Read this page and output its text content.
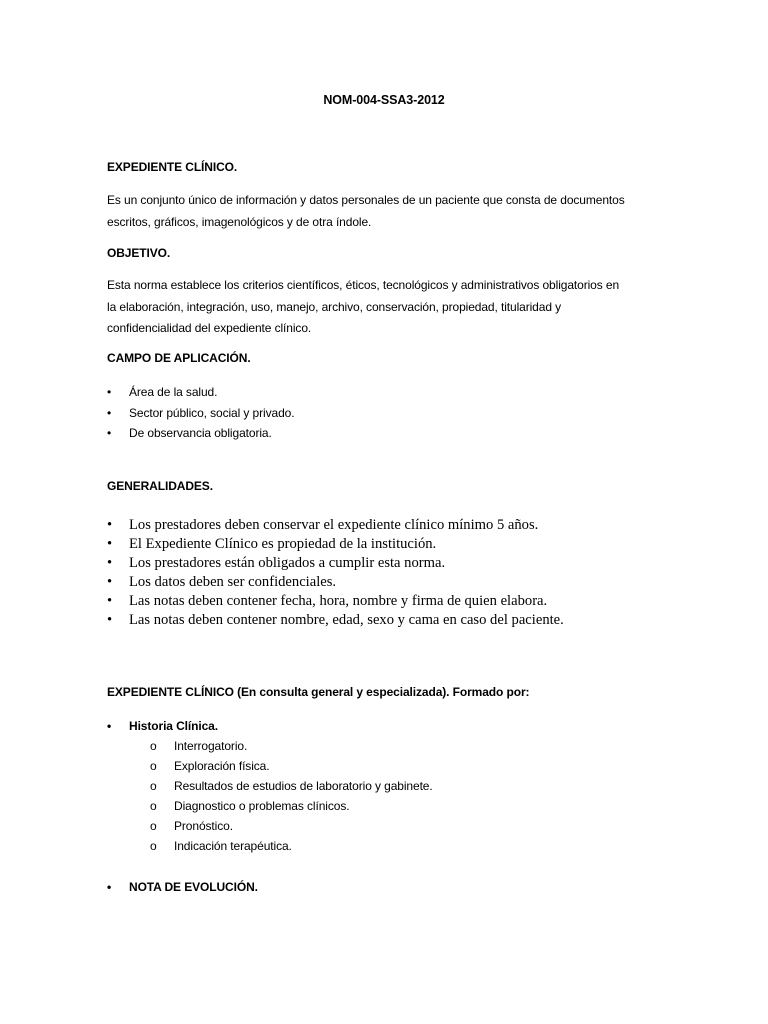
NOM-004-SSA3-2012
EXPEDIENTE CLÍNICO.
Es un conjunto único de información y datos personales de un paciente que consta de documentos
escritos, gráficos, imagenológicos y de otra índole.
OBJETIVO.
Esta norma establece los criterios científicos, éticos, tecnológicos y administrativos obligatorios en
la elaboración, integración, uso, manejo, archivo, conservación, propiedad, titularidad y
confidencialidad del expediente clínico.
CAMPO DE APLICACIÓN.
• Área de la salud.
• Sector público, social y privado.
• De observancia obligatoria.
GENERALIDADES.
• Los prestadores deben conservar el expediente clínico mínimo 5 años.
• El Expediente Clínico es propiedad de la institución.
• Los prestadores están obligados a cumplir esta norma.
• Los datos deben ser confidenciales.
• Las notas deben contener fecha, hora, nombre y firma de quien elabora.
• Las notas deben contener nombre, edad, sexo y cama en caso del paciente.
EXPEDIENTE CLÍNICO (En consulta general y especializada). Formado por:
• Historia Clínica.
o Interrogatorio.
o Exploración física.
o Resultados de estudios de laboratorio y gabinete.
o Diagnostico o problemas clínicos.
o Pronóstico.
o Indicación terapéutica.
• NOTA DE EVOLUCIÓN.
